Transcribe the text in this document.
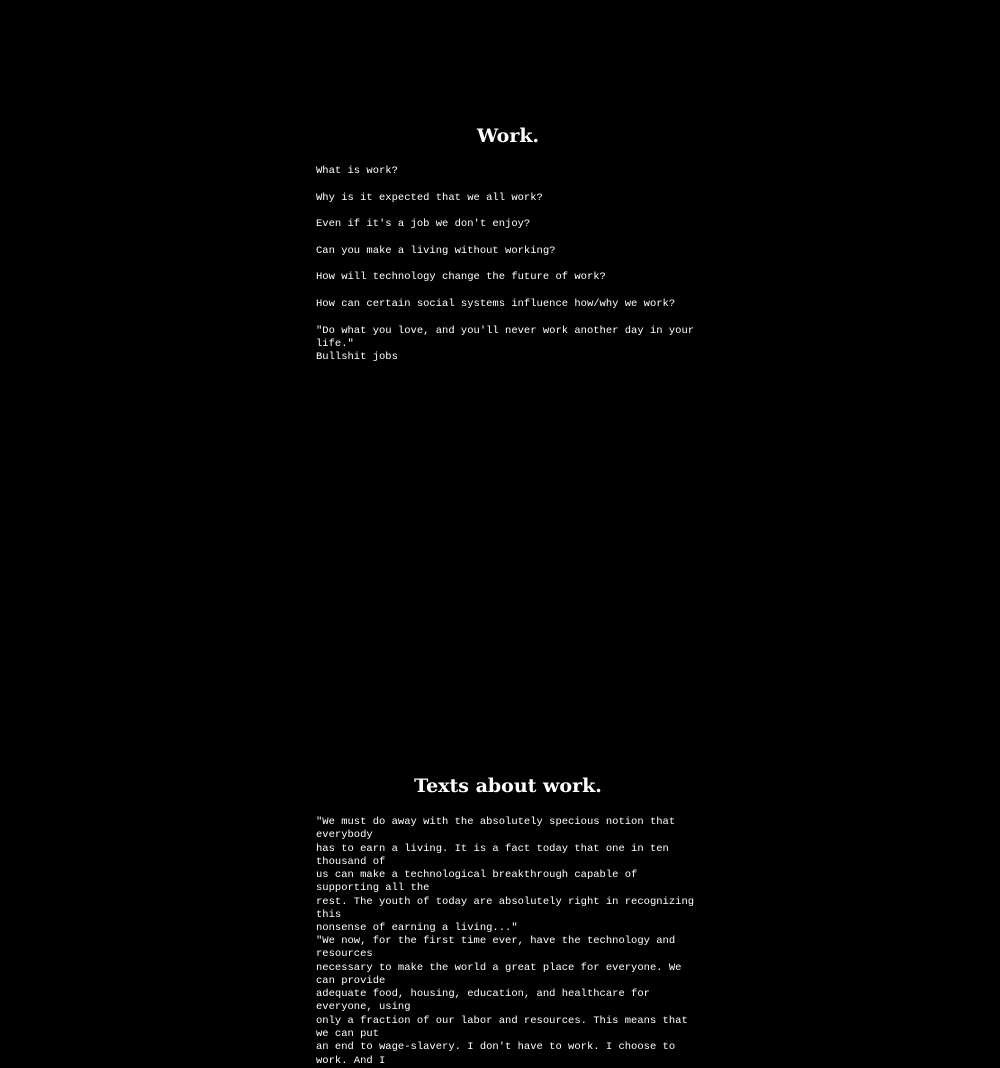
Work.

What is work?

Why is it expected that we all work?

Even if it's a job we don't enjoy?

Can you make a living without working?

How will technology change the future of work?

How can certain social systems influence how/why we work?

"Do what you love, and you'll never work another day in your life."

Bullshit jobs

Texts about work.

"We must do away with the absolutely specious notion that everybody
has to earn a living. It is a fact today that one in ten thousand of
us can make a technological breakthrough capable of supporting all the
rest. The youth of today are absolutely right in recognizing this
nonsense of earning a living..."

"We now, for the first time ever, have the technology and resources
necessary to make the world a great place for everyone. We can provide
adequate food, housing, education, and healthcare for everyone, using
only a fraction of our labor and resources. This means that we can put
an end to wage-slavery. I don't have to work. I choose to work. And I
